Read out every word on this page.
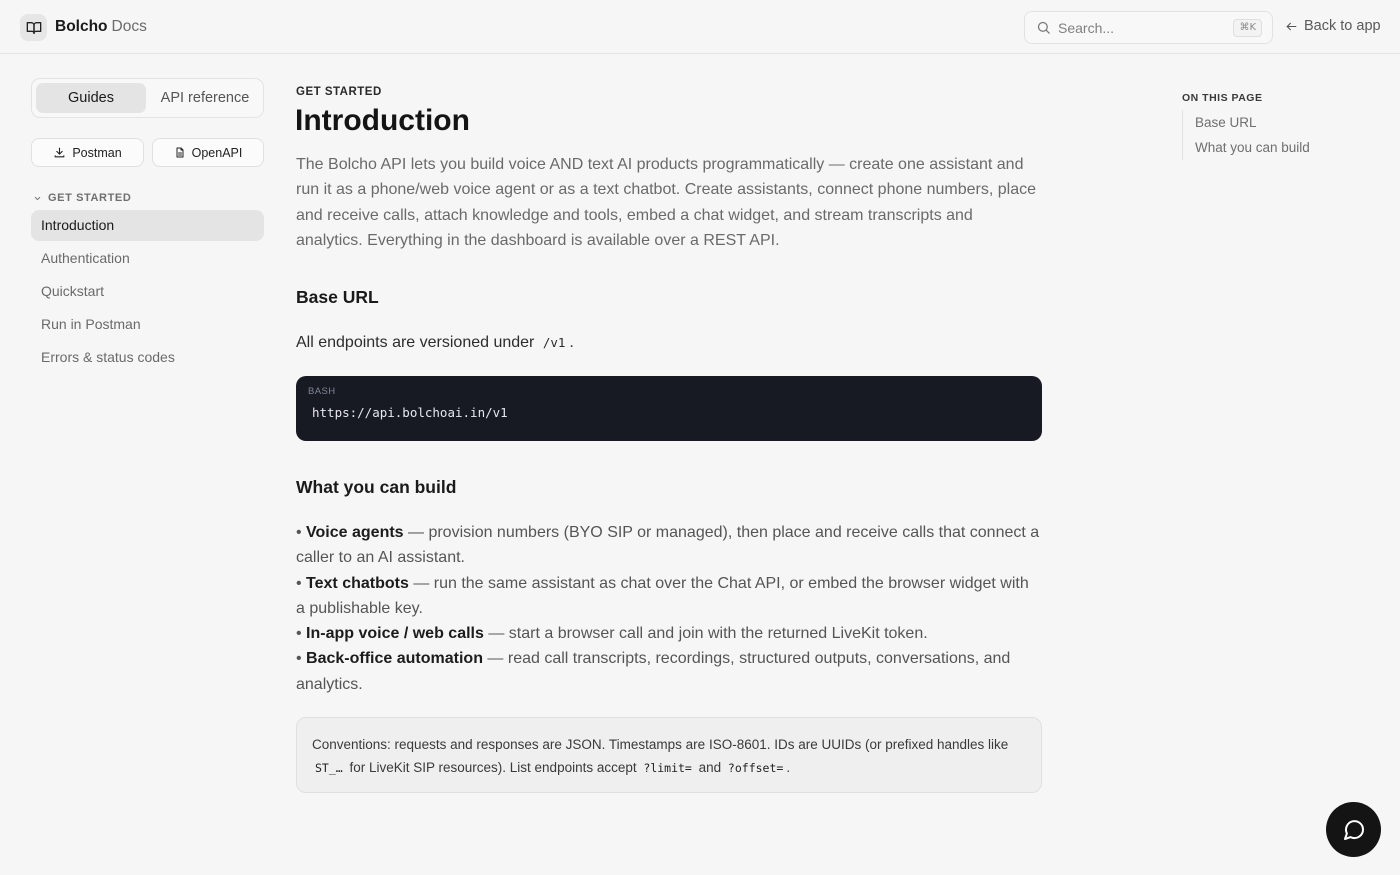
Bolcho Docs	Search...	⌘K	Back to app
Guides	API reference
Postman	OpenAPI
GET STARTED
Introduction
Authentication
Quickstart
Run in Postman
Errors & status codes
GET STARTED
Introduction

The Bolcho API lets you build voice AND text AI products programmatically — create one assistant and run it as a phone/web voice agent or as a text chatbot. Create assistants, connect phone numbers, place and receive calls, attach knowledge and tools, embed a chat widget, and stream transcripts and analytics. Everything in the dashboard is available over a REST API.

Base URL

All endpoints are versioned under /v1 .

BASH
https://api.bolchoai.in/v1
What you can build
• Voice agents — provision numbers (BYO SIP or managed), then place and receive calls that connect a caller to an AI assistant.
• Text chatbots — run the same assistant as chat over the Chat API, or embed the browser widget with a publishable key.
• In-app voice / web calls — start a browser call and join with the returned LiveKit token.
• Back-office automation — read call transcripts, recordings, structured outputs, conversations, and analytics.
Conventions: requests and responses are JSON. Timestamps are ISO-8601. IDs are UUIDs (or prefixed handles like ST_… for LiveKit SIP resources). List endpoints accept ?limit= and ?offset= .
ON THIS PAGE
Base URL
What you can build
